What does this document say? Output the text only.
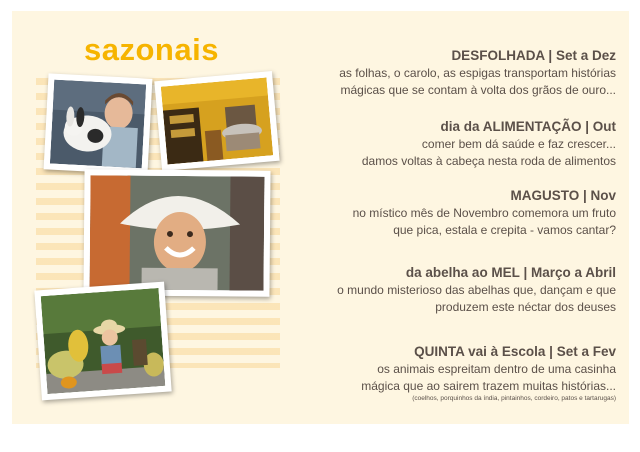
sazonais	DESFOLHADA | Set a Dez

as folhas, o carolo, as espigas transportam histórias

mágicas que se contam à volta dos grãos de ouro...

dia da ALIMENTAÇÃO | Out

comer bem dá saúde e faz crescer...

damos voltas à cabeça nesta roda de alimentos

MAGUSTO | Nov

no místico mês de Novembro comemora um fruto

que pica, estala e crepita - vamos cantar?

da abelha ao MEL | Março a Abril

o mundo misterioso das abelhas que, dançam e que

produzem este néctar dos deuses

QUINTA vai à Escola | Set a Fev

os animais espreitam dentro de uma casinha

mágica que ao sairem trazem muitas histórias...

(coelhos, porquinhos da índia, pintainhos, cordeiro, patos e tartarugas)
